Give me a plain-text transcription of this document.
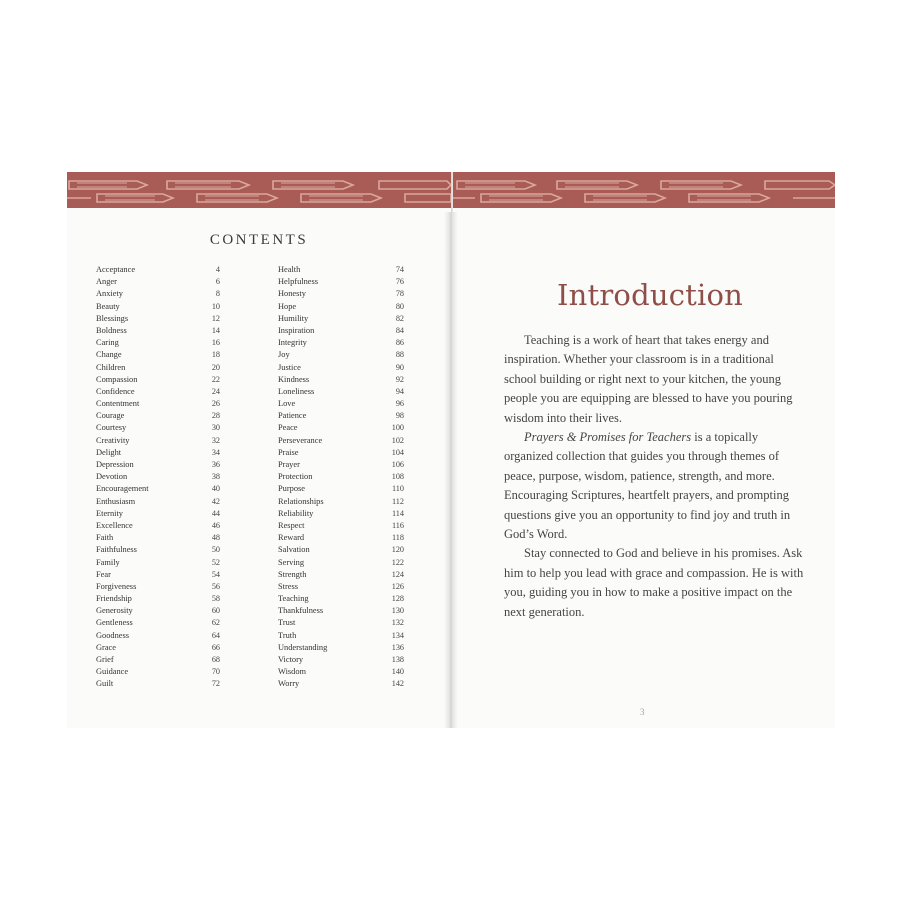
CONTENTS
Acceptance	4
Anger	6
Anxiety	8
Beauty	10
Blessings	12
Boldness	14
Caring	16
Change	18
Children	20
Compassion	22
Confidence	24
Contentment	26
Courage	28
Courtesy	30
Creativity	32
Delight	34
Depression	36
Devotion	38
Encouragement	40
Enthusiasm	42
Eternity	44
Excellence	46
Faith	48
Faithfulness	50
Family	52
Fear	54
Forgiveness	56
Friendship	58
Generosity	60
Gentleness	62
Goodness	64
Grace	66
Grief	68
Guidance	70
Guilt	72
Health	74
Helpfulness	76
Honesty	78
Hope	80
Humility	82
Inspiration	84
Integrity	86
Joy	88
Justice	90
Kindness	92
Loneliness	94
Love	96
Patience	98
Peace	100
Perseverance	102
Praise	104
Prayer	106
Protection	108
Purpose	110
Relationships	112
Reliability	114
Respect	116
Reward	118
Salvation	120
Serving	122
Strength	124
Stress	126
Teaching	128
Thankfulness	130
Trust	132
Truth	134
Understanding	136
Victory	138
Wisdom	140
Worry	142
Introduction

Teaching is a work of heart that takes energy and inspiration. Whether your classroom is in a traditional school building or right next to your kitchen, the young people you are equipping are blessed to have you pouring wisdom into their lives.

Prayers & Promises for Teachers is a topically organized collection that guides you through themes of peace, purpose, wisdom, patience, strength, and more. Encouraging Scriptures, heartfelt prayers, and prompting questions give you an opportunity to find joy and truth in God’s Word.

Stay connected to God and believe in his promises. Ask him to help you lead with grace and compassion. He is with you, guiding you in how to make a positive impact on the next generation.

3
